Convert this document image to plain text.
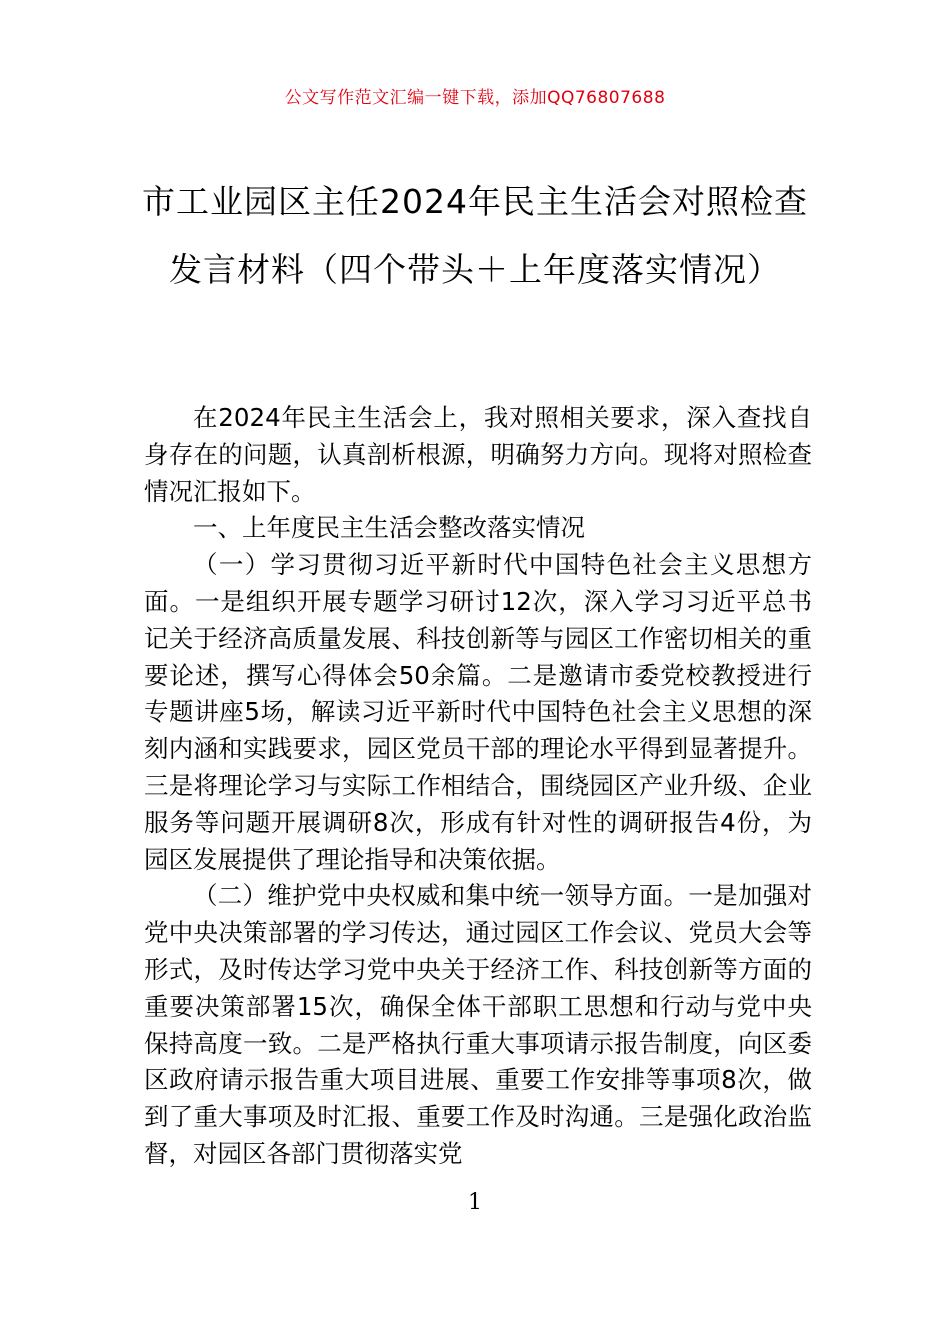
公文写作范文汇编一键下载，添加QQ76807688
市工业园区主任2024年民主生活会对照检查发言材料（四个带头＋上年度落实情况）

在2024年民主生活会上，我对照相关要求，深入查找自身存在的问题，认真剖析根源，明确努力方向。现将对照检查情况汇报如下。

一、上年度民主生活会整改落实情况

（一）学习贯彻习近平新时代中国特色社会主义思想方面。一是组织开展专题学习研讨12次，深入学习习近平总书记关于经济高质量发展、科技创新等与园区工作密切相关的重要论述，撰写心得体会50余篇。二是邀请市委党校教授进行专题讲座5场，解读习近平新时代中国特色社会主义思想的深刻内涵和实践要求，园区党员干部的理论水平得到显著提升。三是将理论学习与实际工作相结合，围绕园区产业升级、企业服务等问题开展调研8次，形成有针对性的调研报告4份，为园区发展提供了理论指导和决策依据。

（二）维护党中央权威和集中统一领导方面。一是加强对党中央决策部署的学习传达，通过园区工作会议、党员大会等形式，及时传达学习党中央关于经济工作、科技创新等方面的重要决策部署15次，确保全体干部职工思想和行动与党中央保持高度一致。二是严格执行重大事项请示报告制度，向区委区政府请示报告重大项目进展、重要工作安排等事项8次，做到了重大事项及时汇报、重要工作及时沟通。三是强化政治监督，对园区各部门贯彻落实党

1
